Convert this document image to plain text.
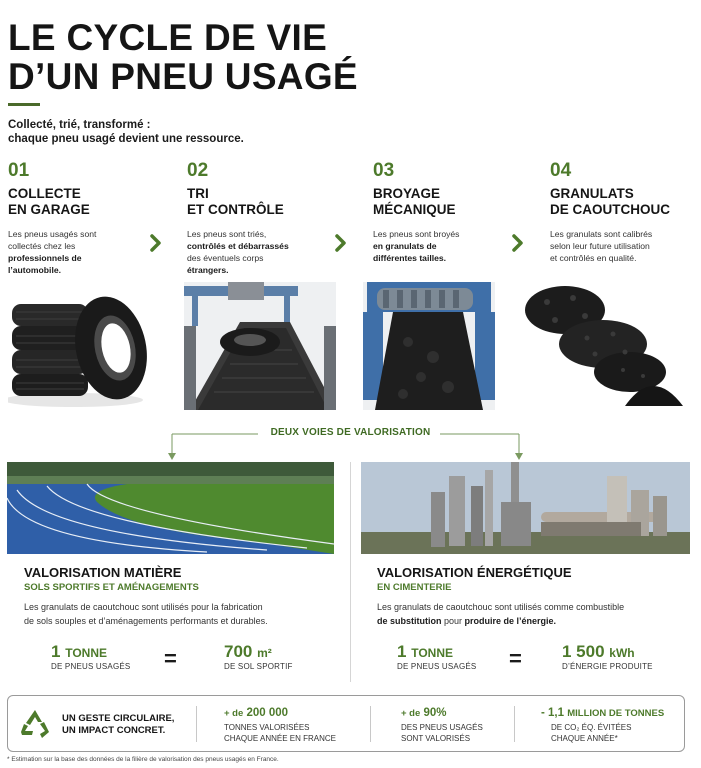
LE CYCLE DE VIE
D’UN PNEU USAGÉ
Collecté, trié, transformé :
chaque pneu usagé devient une ressource.
01
COLLECTE
EN GARAGE
Les pneus usagés sont
collectés chez les
professionnels de
l’automobile.
02
TRI
ET CONTRÔLE
Les pneus sont triés,
contrôlés et débarrassés
des éventuels corps
étrangers.
03
BROYAGE
MÉCANIQUE
Les pneus sont broyés
en granulats de
différentes tailles.
04
GRANULATS
DE CAOUTCHOUC
Les granulats sont calibrés
selon leur future utilisation
et contrôlés en qualité.
DEUX VOIES DE VALORISATION
VALORISATION MATIÈRE
SOLS SPORTIFS ET AMÉNAGEMENTS
Les granulats de caoutchouc sont utilisés pour la fabrication
de sols souples et d’aménagements performants et durables.
1 TONNE
DE PNEUS USAGÉS =	700 m²
DE SOL SPORTIF
VALORISATION ÉNERGÉTIQUE
EN CIMENTERIE
Les granulats de caoutchouc sont utilisés comme combustible
de substitution pour produire de l’énergie.
1 TONNE
DE PNEUS USAGÉS = 1 500 kWh
D’ÉNERGIE PRODUITE
UN GESTE CIRCULAIRE,
UN IMPACT CONCRET.
+ de 200 000
TONNES VALORISÉES
CHAQUE ANNÉE EN FRANCE
+ de 90%
DES PNEUS USAGÉS
SONT VALORISÉS
- 1,1 MILLION DE TONNES
DE CO₂ ÉQ. ÉVITÉES
CHAQUE ANNÉE*
* Estimation sur la base des données de la filière de valorisation des pneus usagés en France.
